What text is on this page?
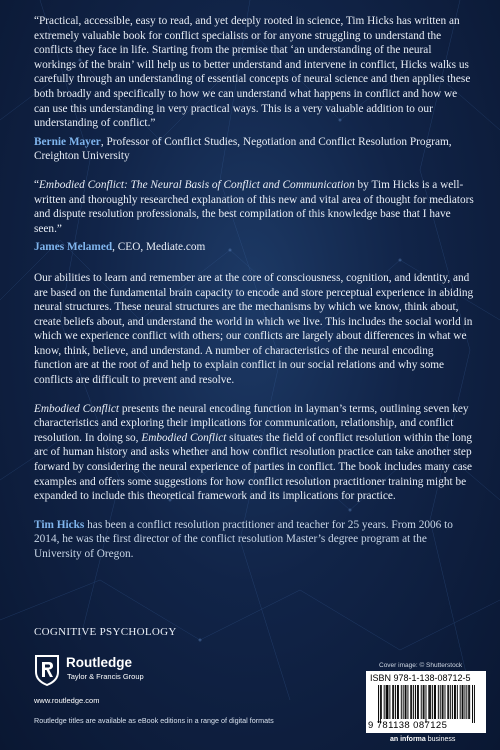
“Practical, accessible, easy to read, and yet deeply rooted in science, Tim Hicks has written an extremely valuable book for conflict specialists or for anyone struggling to understand the conflicts they face in life. Starting from the premise that ‘an understanding of the neural workings of the brain’ will help us to better understand and intervene in conflict, Hicks walks us carefully through an understanding of essential concepts of neural science and then applies these both broadly and specifically to how we can understand what happens in conflict and how we can use this understanding in very practical ways. This is a very valuable addition to our understanding of conflict.”

Bernie Mayer, Professor of Conflict Studies, Negotiation and Conflict Resolution Program, Creighton University

“Embodied Conflict: The Neural Basis of Conflict and Communication by Tim Hicks is a well-written and thoroughly researched explanation of this new and vital area of thought for mediators and dispute resolution professionals, the best compilation of this knowledge base that I have seen.”

James Melamed, CEO, Mediate.com

Our abilities to learn and remember are at the core of consciousness, cognition, and identity, and are based on the fundamental brain capacity to encode and store perceptual experience in abiding neural structures. These neural structures are the mechanisms by which we know, think about, create beliefs about, and understand the world in which we live. This includes the social world in which we experience conflict with others; our conflicts are largely about differences in what we know, think, believe, and understand. A number of characteristics of the neural encoding function are at the root of and help to explain conflict in our social relations and why some conflicts are difficult to prevent and resolve.

Embodied Conflict presents the neural encoding function in layman’s terms, outlining seven key characteristics and exploring their implications for communication, relationship, and conflict resolution. In doing so, Embodied Conflict situates the field of conflict resolution within the long arc of human history and asks whether and how conflict resolution practice can take another step forward by considering the neural experience of parties in conflict. The book includes many case examples and offers some suggestions for how conflict resolution practitioner training might be expanded to include this theoretical framework and its implications for practice.

Tim Hicks has been a conflict resolution practitioner and teacher for 25 years. From 2006 to 2014, he was the first director of the conflict resolution Master’s degree program at the University of Oregon.

COGNITIVE PSYCHOLOGY
Cover image: © Shutterstock
Routledge
Taylor & Francis Group
www.routledge.com
Routledge titles are available as eBook editions in a range of digital formats
ISBN 978-1-138-08712-5
9 781138 087125
an informa business
